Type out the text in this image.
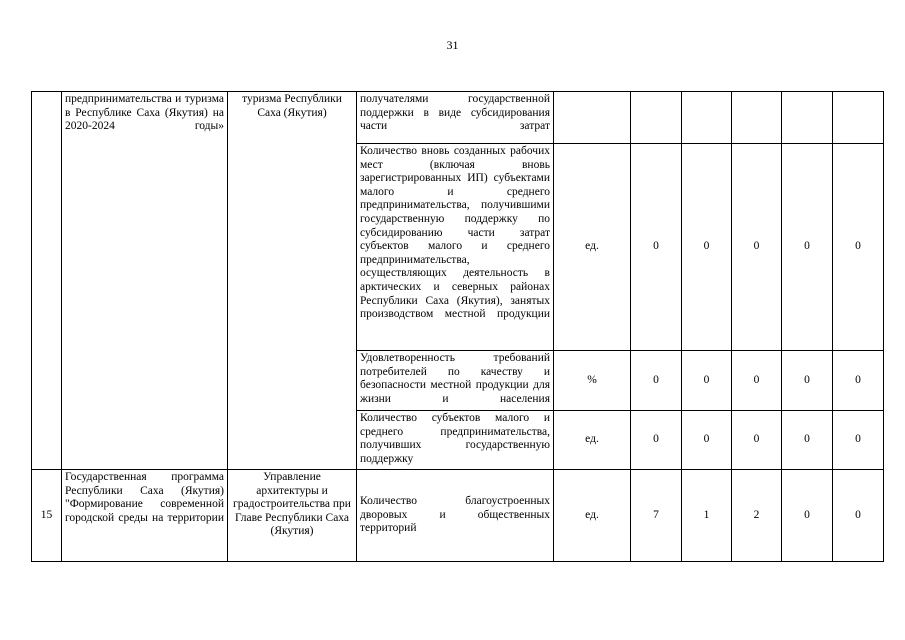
31
	предпринимательства и туризма в Республике Саха (Якутия) на 2020-2024 годы»	туризма Республики Саха (Якутия)	получателями государственной поддержки в виде субсидирования части затрат						
			Количество вновь созданных рабочих мест (включая вновь зарегистрированных ИП) субъектами малого и среднего предпринимательства, получившими государственную поддержку по субсидированию части затрат субъектов малого и среднего предпринимательства, осуществляющих деятельность в арктических и северных районах Республики Саха (Якутия), занятых производством местной продукции	ед.	0	0	0	0	0
			Удовлетворенность требований потребителей по качеству и безопасности местной продукции для жизни и населения	%	0	0	0	0	0
			Количество субъектов малого и среднего предпринимательства, получивших государственную поддержку	ед.	0	0	0	0	0
15	Государственная программа Республики Саха (Якутия) "Формирование современной городской среды на территории	Управление архитектуры и градостроительства при Главе Республики Саха (Якутия)	Количество благоустроенных дворовых и общественных территорий	ед.	7	1	2	0	0
